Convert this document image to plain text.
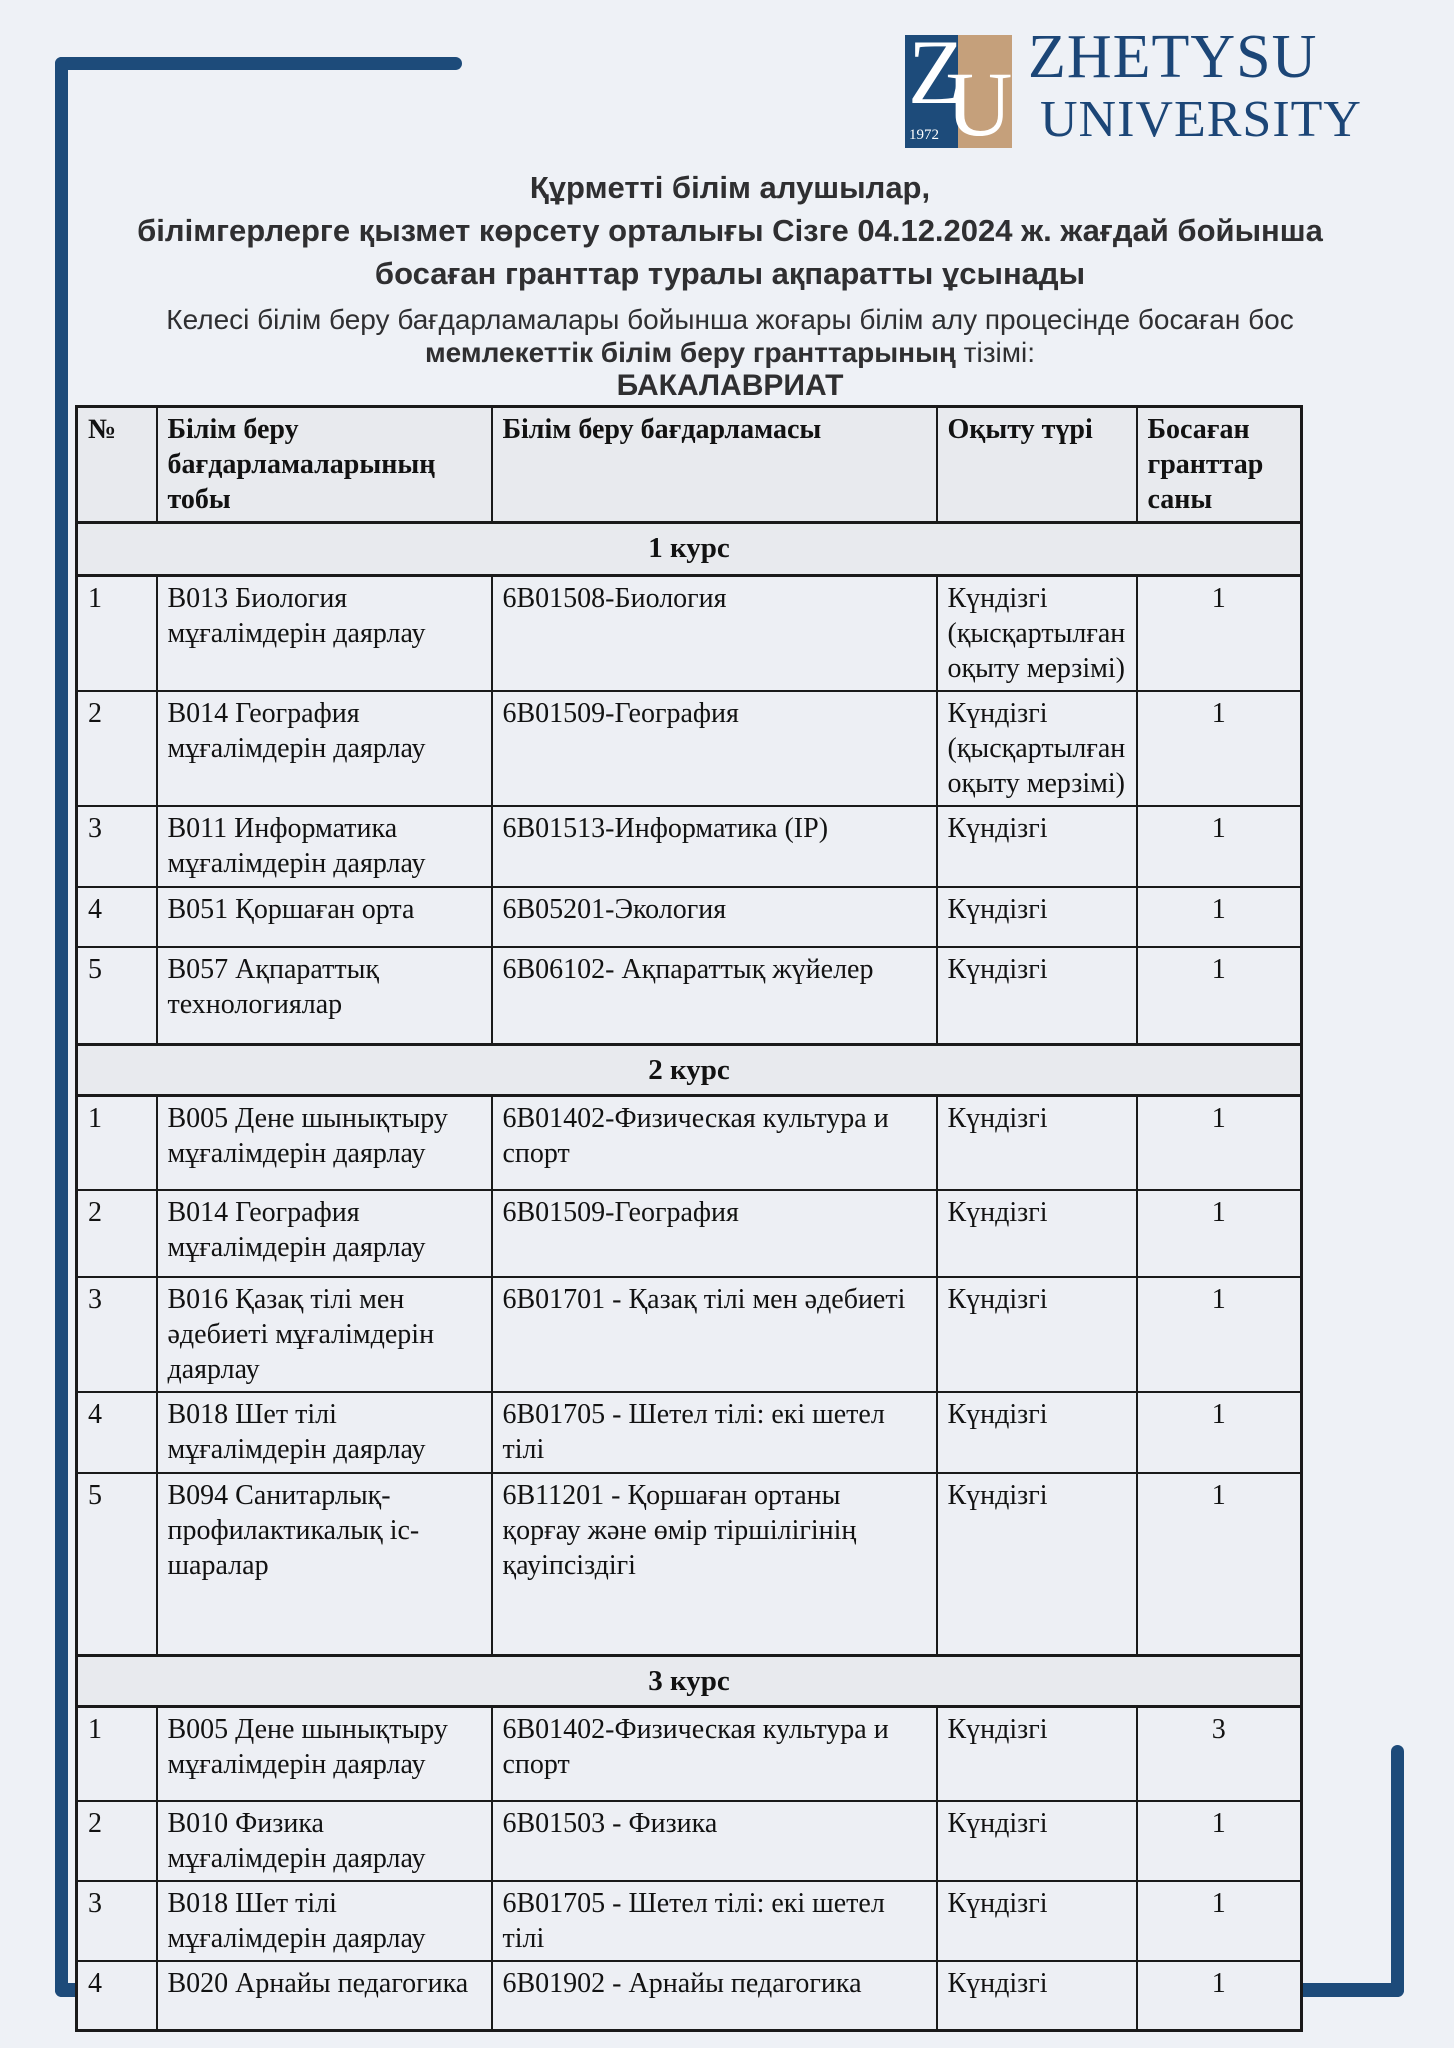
Z
U
1972
ZHETYSU
UNIVERSITY
Құрметті білім алушылар,
білімгерлерге қызмет көрсету орталығы Сізге 04.12.2024 ж. жағдай бойынша
босаған гранттар туралы ақпаратты ұсынады
Келесі білім беру бағдарламалары бойынша жоғары білім алу процесінде босаған бос
мемлекеттік білім беру гранттарының тізімі:
БАКАЛАВРИАТ
№	Білім беру бағдарламаларының тобы	Білім беру бағдарламасы	Оқыту түрі	Босаған гранттар саны
1 курс				
1	B013 Биология мұғалімдерін даярлау	6B01508-Биология	Күндізгі (қысқартылған оқыту мерзімі)	1
2	B014 География мұғалімдерін даярлау	6B01509-География	Күндізгі (қысқартылған оқыту мерзімі)	1
3	B011 Информатика мұғалімдерін даярлау	6B01513-Информатика (IP)	Күндізгі	1
4	B051 Қоршаған орта	6B05201-Экология	Күндізгі	1
5	B057 Ақпараттық технологиялар	6B06102- Ақпараттық жүйелер	Күндізгі	1
2 курс				
1	B005 Дене шынықтыру мұғалімдерін даярлау	6B01402-Физическая культура и спорт	Күндізгі	1
2	B014 География мұғалімдерін даярлау	6B01509-География	Күндізгі	1
3	B016 Қазақ тілі мен әдебиеті мұғалімдерін даярлау	6B01701 - Қазақ тілі мен әдебиеті	Күндізгі	1
4	B018 Шет тілі мұғалімдерін даярлау	6B01705 - Шетел тілі: екі шетел тілі	Күндізгі	1
5	B094 Санитарлық-профилактикалық іс-шаралар	6B11201 - Қоршаған ортаны қорғау және өмір тіршілігінің қауіпсіздігі	Күндізгі	1
3 курс				
1	B005 Дене шынықтыру мұғалімдерін даярлау	6B01402-Физическая культура и спорт	Күндізгі	3
2	B010 Физика мұғалімдерін даярлау	6B01503 - Физика	Күндізгі	1
3	B018 Шет тілі мұғалімдерін даярлау	6B01705 - Шетел тілі: екі шетел тілі	Күндізгі	1
4	B020 Арнайы педагогика	6B01902 - Арнайы педагогика	Күндізгі	1
